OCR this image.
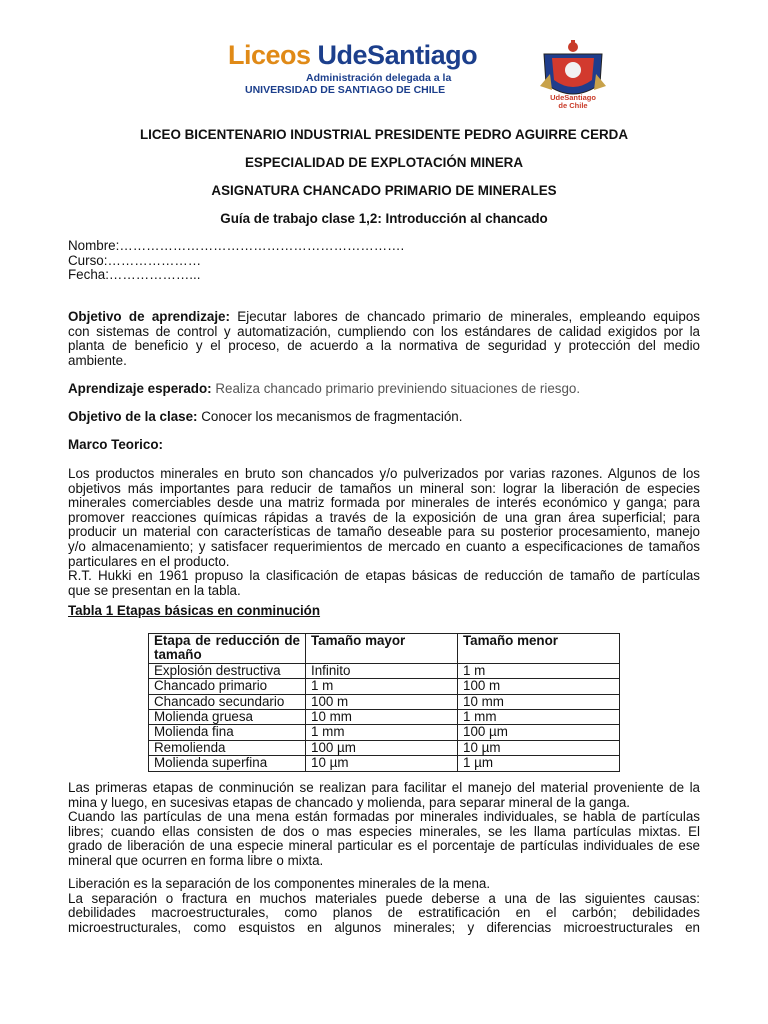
Liceos UdeSantiago
Administración delegada a la
UNIVERSIDAD DE SANTIAGO DE CHILE
UdeSantiago
de Chile
LICEO BICENTENARIO INDUSTRIAL PRESIDENTE PEDRO AGUIRRE CERDA
ESPECIALIDAD DE EXPLOTACIÓN MINERA
ASIGNATURA CHANCADO PRIMARIO DE MINERALES
Guía de trabajo clase 1,2: Introducción al chancado
Nombre:……………………………………………………….
Curso:…………………
Fecha:………………...
Objetivo de aprendizaje: Ejecutar labores de chancado primario de minerales, empleando equipos
con sistemas de control y automatización, cumpliendo con los estándares de calidad exigidos por la
planta de beneficio y el proceso, de acuerdo a la normativa de seguridad y protección del medio
ambiente.
Aprendizaje esperado: Realiza chancado primario previniendo situaciones de riesgo.
Objetivo de la clase: Conocer los mecanismos de fragmentación.
Marco Teorico:
Los productos minerales en bruto son chancados y/o pulverizados por varias razones. Algunos de los
objetivos más importantes para reducir de tamaños un mineral son: lograr la liberación de especies
minerales comerciables desde una matriz formada por minerales de interés económico y ganga; para
promover reacciones químicas rápidas a través de la exposición de una gran área superficial; para
producir un material con características de tamaño deseable para su posterior procesamiento, manejo
y/o almacenamiento; y satisfacer requerimientos de mercado en cuanto a especificaciones de tamaños
particulares en el producto.
R.T. Hukki en 1961 propuso la clasificación de etapas básicas de reducción de tamaño de partículas
que se presentan en la tabla.
Tabla 1 Etapas básicas en conminución
Etapa de reducción de tamaño	Tamaño mayor	Tamaño menor
Explosión destructiva	Infinito	1 m
Chancado primario	1 m	100 m
Chancado secundario	100 m	10 mm
Molienda gruesa	10 mm	1 mm
Molienda fina	1 mm	100 µm
Remolienda	100 µm	10 µm
Molienda superfina	10 µm	1 µm
Las primeras etapas de conminución se realizan para facilitar el manejo del material proveniente de la
mina y luego, en sucesivas etapas de chancado y molienda, para separar mineral de la ganga.
Cuando las partículas de una mena están formadas por minerales individuales, se habla de partículas
libres; cuando ellas consisten de dos o mas especies minerales, se les llama partículas mixtas. El
grado de liberación de una especie mineral particular es el porcentaje de partículas individuales de ese
mineral que ocurren en forma libre o mixta.
Liberación es la separación de los componentes minerales de la mena.
La separación o fractura en muchos materiales puede deberse a una de las siguientes causas:
debilidades macroestructurales, como planos de estratificación en el carbón; debilidades
microestructurales, como esquistos en algunos minerales; y diferencias microestructurales en
